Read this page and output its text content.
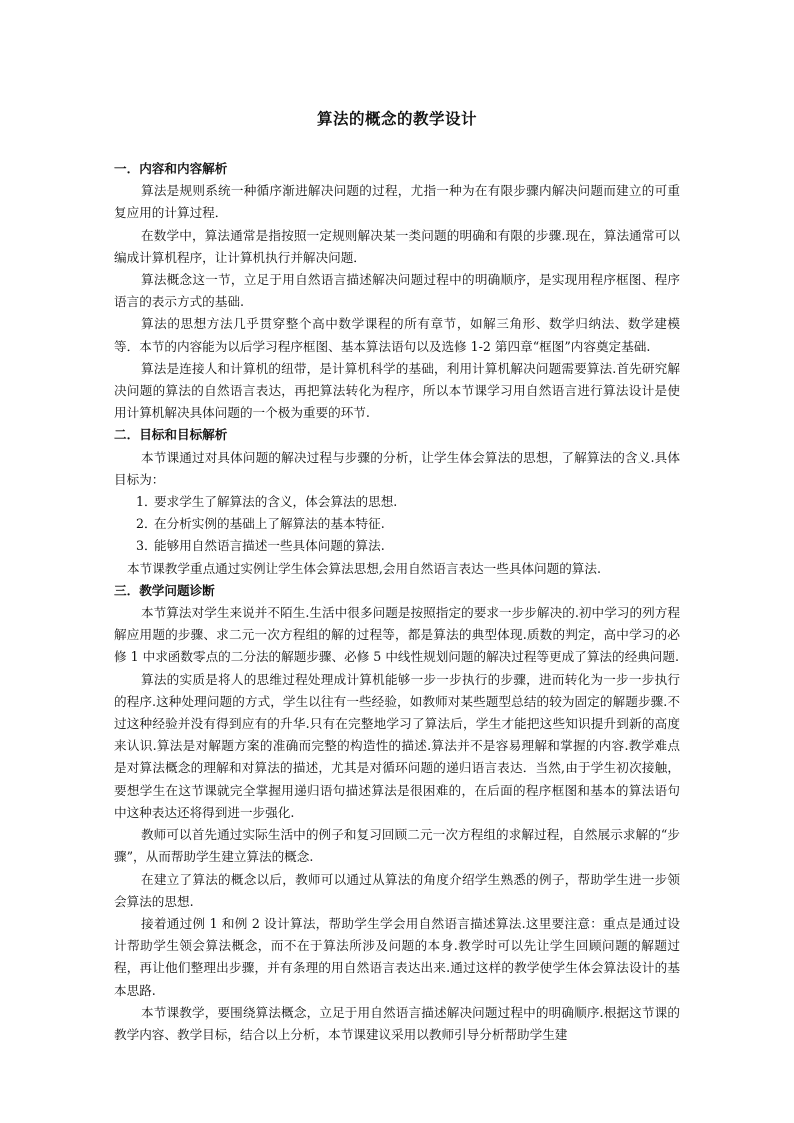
算法的概念的教学设计

一．内容和内容解析

算法是规则系统一种循序渐进解决问题的过程，尤指一种为在有限步骤内解决问题而建立的可重复应用的计算过程．

在数学中，算法通常是指按照一定规则解决某一类问题的明确和有限的步骤.现在，算法通常可以编成计算机程序，让计算机执行并解决问题．

算法概念这一节，立足于用自然语言描述解决问题过程中的明确顺序，是实现用程序框图、程序语言的表示方式的基础.

算法的思想方法几乎贯穿整个高中数学课程的所有章节，如解三角形、数学归纳法、数学建模等．本节的内容能为以后学习程序框图、基本算法语句以及选修 1-2 第四章“框图”内容奠定基础.

算法是连接人和计算机的纽带，是计算机科学的基础，利用计算机解决问题需要算法.首先研究解决问题的算法的自然语言表达，再把算法转化为程序，所以本节课学习用自然语言进行算法设计是使用计算机解决具体问题的一个极为重要的环节.

二．目标和目标解析

本节课通过对具体问题的解决过程与步骤的分析，让学生体会算法的思想，了解算法的含义.具体目标为：

1．要求学生了解算法的含义，体会算法的思想.

2．在分析实例的基础上了解算法的基本特征.

3．能够用自然语言描述一些具体问题的算法.

本节课教学重点通过实例让学生体会算法思想,会用自然语言表达一些具体问题的算法.

三．教学问题诊断

本节算法对学生来说并不陌生.生活中很多问题是按照指定的要求一步步解决的.初中学习的列方程解应用题的步骤、求二元一次方程组的解的过程等，都是算法的典型体现.质数的判定，高中学习的必修 1 中求函数零点的二分法的解题步骤、必修 5 中线性规划问题的解决过程等更成了算法的经典问题.

算法的实质是将人的思维过程处理成计算机能够一步一步执行的步骤，进而转化为一步一步执行的程序.这种处理问题的方式，学生以往有一些经验，如教师对某些题型总结的较为固定的解题步骤.不过这种经验并没有得到应有的升华.只有在完整地学习了算法后，学生才能把这些知识提升到新的高度来认识.算法是对解题方案的准确而完整的构造性的描述.算法并不是容易理解和掌握的内容.教学难点是对算法概念的理解和对算法的描述，尤其是对循环问题的递归语言表达．当然,由于学生初次接触，要想学生在这节课就完全掌握用递归语句描述算法是很困难的，在后面的程序框图和基本的算法语句中这种表达还将得到进一步强化.

教师可以首先通过实际生活中的例子和复习回顾二元一次方程组的求解过程，自然展示求解的“步骤”，从而帮助学生建立算法的概念.

在建立了算法的概念以后，教师可以通过从算法的角度介绍学生熟悉的例子，帮助学生进一步领会算法的思想.

接着通过例 1 和例 2 设计算法，帮助学生学会用自然语言描述算法.这里要注意：重点是通过设计帮助学生领会算法概念，而不在于算法所涉及问题的本身.教学时可以先让学生回顾问题的解题过程，再让他们整理出步骤，并有条理的用自然语言表达出来.通过这样的教学使学生体会算法设计的基本思路.

本节课教学，要围绕算法概念，立足于用自然语言描述解决问题过程中的明确顺序.根据这节课的教学内容、教学目标，结合以上分析，本节课建议采用以教师引导分析帮助学生建
